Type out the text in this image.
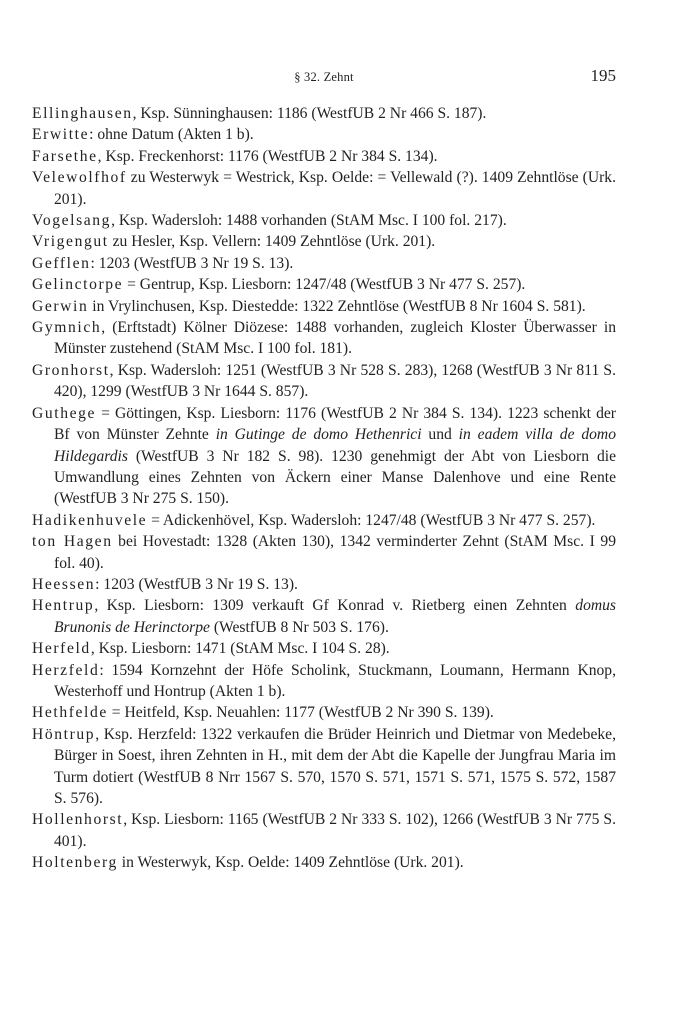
§ 32. Zehnt	195

Ellinghausen, Ksp. Sünninghausen: 1186 (WestfUB 2 Nr 466 S. 187).

Erwitte: ohne Datum (Akten 1 b).

Farsethe, Ksp. Freckenhorst: 1176 (WestfUB 2 Nr 384 S. 134).

Velewolfhof zu Westerwyk = Westrick, Ksp. Oelde: = Vellewald (?). 1409 Zehntlöse (Urk. 201).

Vogelsang, Ksp. Wadersloh: 1488 vorhanden (StAM Msc. I 100 fol. 217).

Vrigengut zu Hesler, Ksp. Vellern: 1409 Zehntlöse (Urk. 201).

Gefflen: 1203 (WestfUB 3 Nr 19 S. 13).

Gelinctorpe = Gentrup, Ksp. Liesborn: 1247/48 (WestfUB 3 Nr 477 S. 257).

Gerwin in Vrylinchusen, Ksp. Diestedde: 1322 Zehntlöse (WestfUB 8 Nr 1604 S. 581).

Gymnich, (Erftstadt) Kölner Diözese: 1488 vorhanden, zugleich Kloster Überwasser in Münster zustehend (StAM Msc. I 100 fol. 181).

Gronhorst, Ksp. Wadersloh: 1251 (WestfUB 3 Nr 528 S. 283), 1268 (WestfUB 3 Nr 811 S. 420), 1299 (WestfUB 3 Nr 1644 S. 857).

Guthege = Göttingen, Ksp. Liesborn: 1176 (WestfUB 2 Nr 384 S. 134). 1223 schenkt der Bf von Münster Zehnte in Gutinge de domo Hethenrici und in eadem villa de domo Hildegardis (WestfUB 3 Nr 182 S. 98). 1230 genehmigt der Abt von Liesborn die Umwandlung eines Zehnten von Äckern einer Manse Dalenhove und eine Rente (WestfUB 3 Nr 275 S. 150).

Hadikenhuvele = Adickenhövel, Ksp. Wadersloh: 1247/48 (WestfUB 3 Nr 477 S. 257).

ton Hagen bei Hovestadt: 1328 (Akten 130), 1342 verminderter Zehnt (StAM Msc. I 99 fol. 40).

Heessen: 1203 (WestfUB 3 Nr 19 S. 13).

Hentrup, Ksp. Liesborn: 1309 verkauft Gf Konrad v. Rietberg einen Zehnten domus Brunonis de Herinctorpe (WestfUB 8 Nr 503 S. 176).

Herfeld, Ksp. Liesborn: 1471 (StAM Msc. I 104 S. 28).

Herzfeld: 1594 Kornzehnt der Höfe Scholink, Stuckmann, Loumann, Hermann Knop, Westerhoff und Hontrup (Akten 1 b).

Hethfelde = Heitfeld, Ksp. Neuahlen: 1177 (WestfUB 2 Nr 390 S. 139).

Höntrup, Ksp. Herzfeld: 1322 verkaufen die Brüder Heinrich und Dietmar von Medebeke, Bürger in Soest, ihren Zehnten in H., mit dem der Abt die Kapelle der Jungfrau Maria im Turm dotiert (WestfUB 8 Nrr 1567 S. 570, 1570 S. 571, 1571 S. 571, 1575 S. 572, 1587 S. 576).

Hollenhorst, Ksp. Liesborn: 1165 (WestfUB 2 Nr 333 S. 102), 1266 (WestfUB 3 Nr 775 S. 401).

Holtenberg in Westerwyk, Ksp. Oelde: 1409 Zehntlöse (Urk. 201).
